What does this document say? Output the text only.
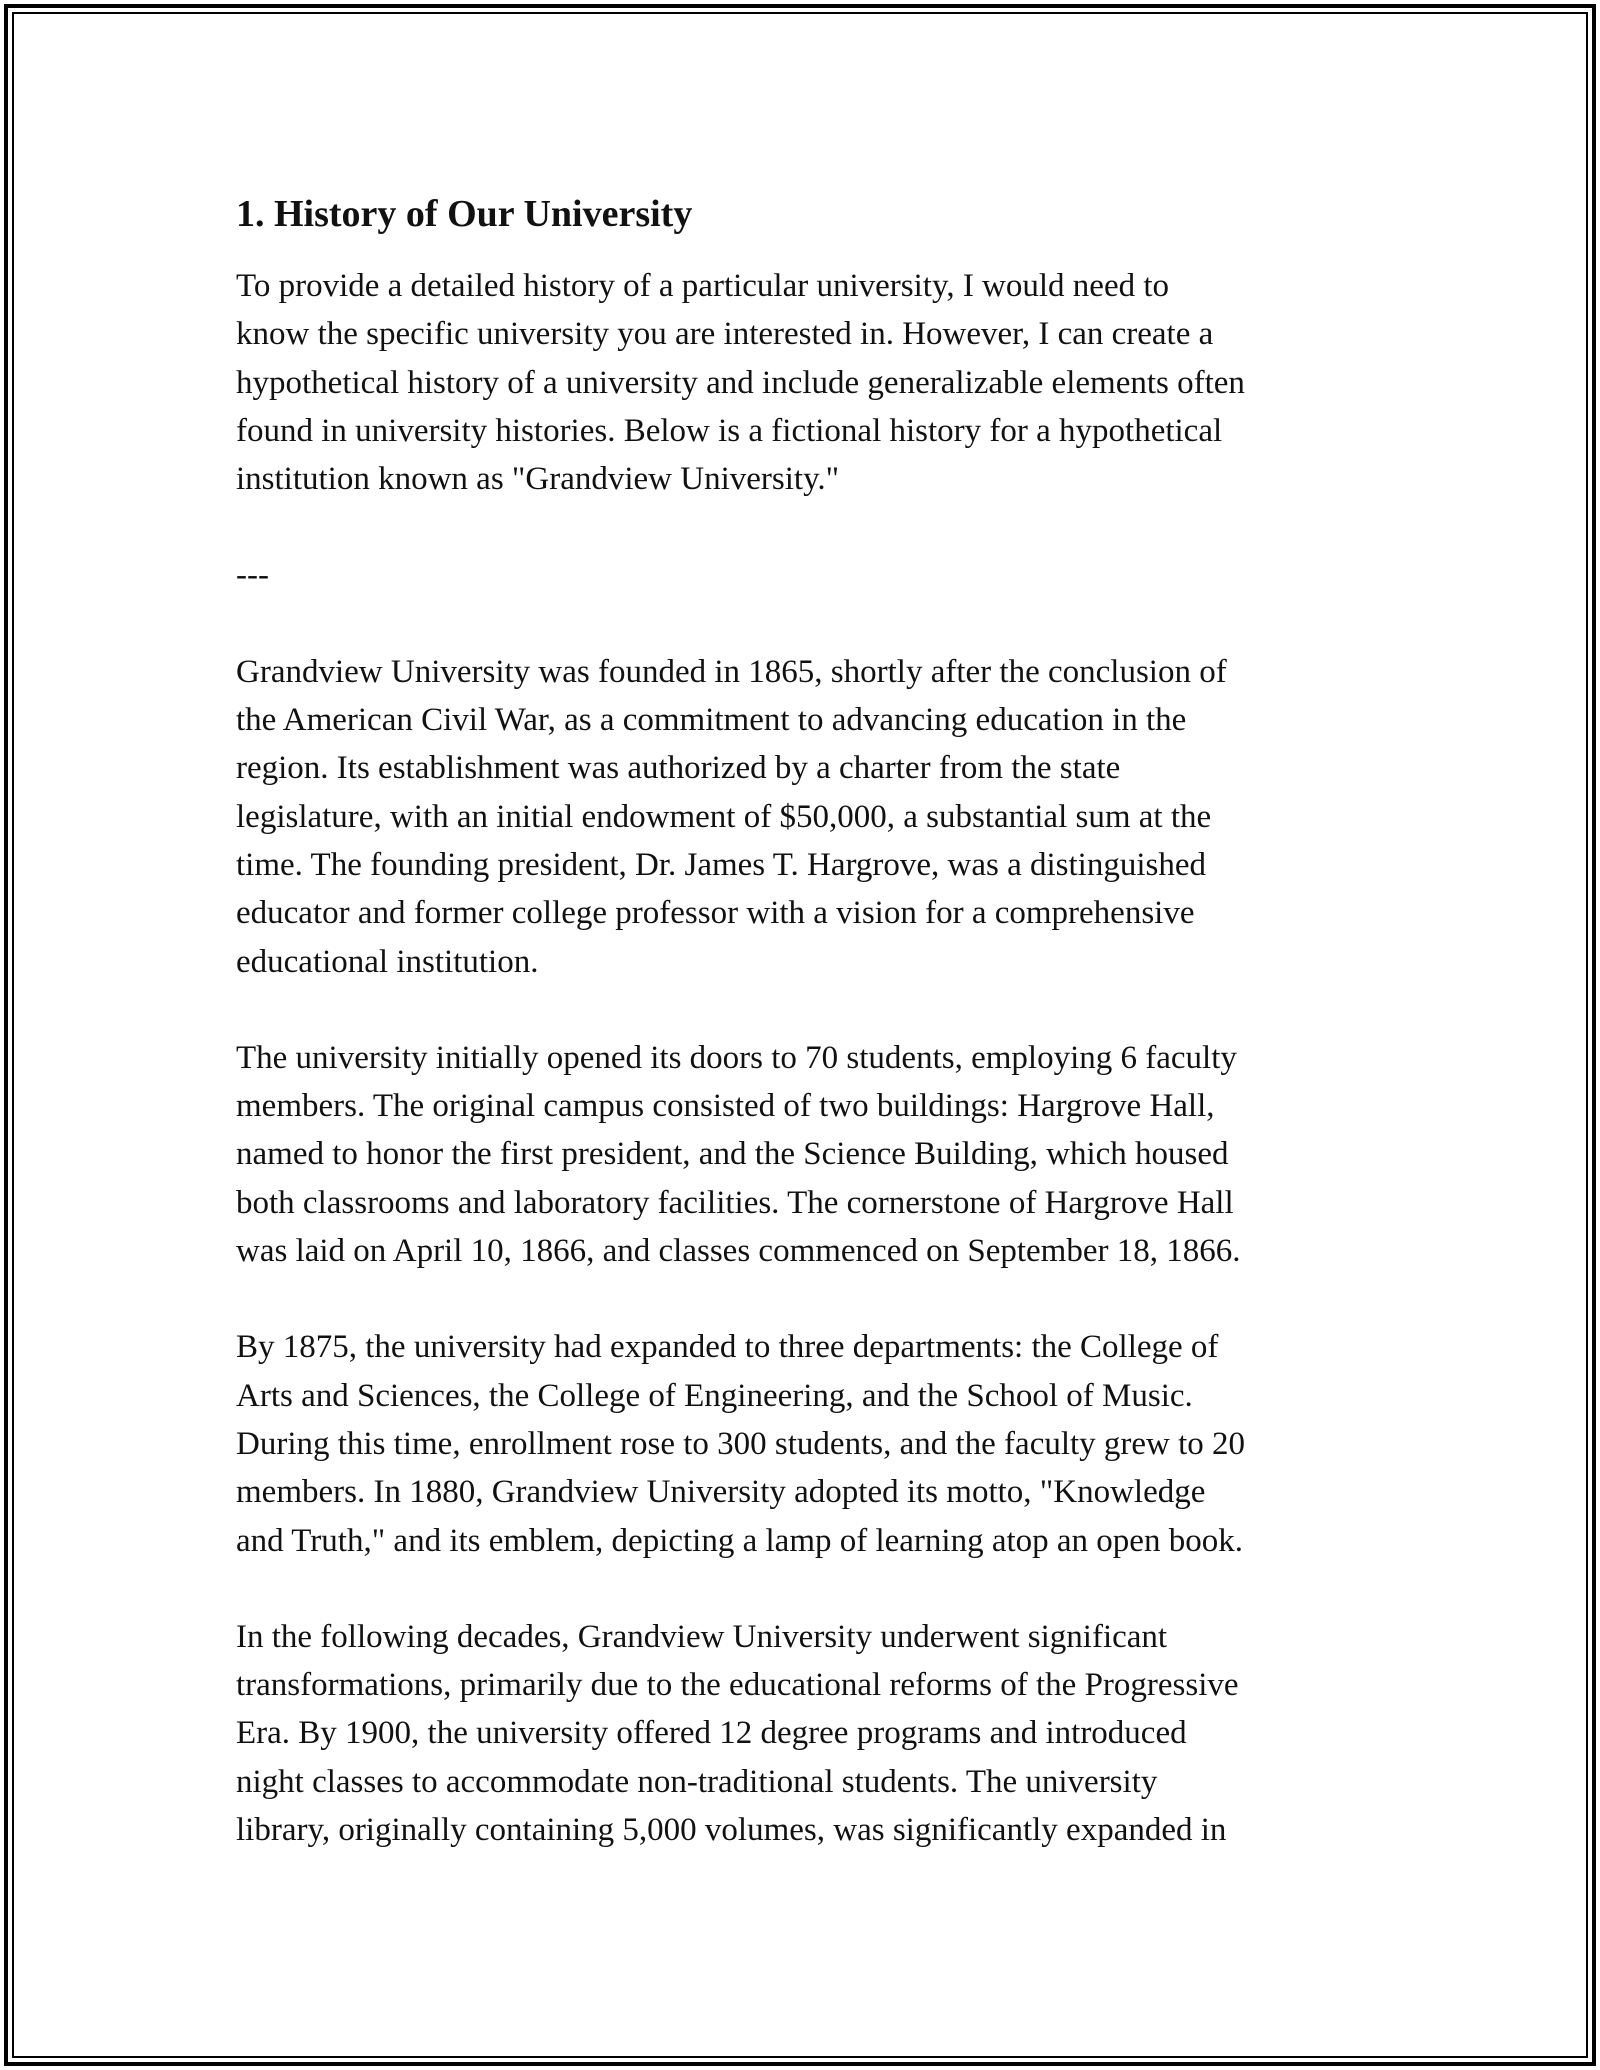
1. History of Our University

To provide a detailed history of a particular university, I would need to
know the specific university you are interested in. However, I can create a
hypothetical history of a university and include generalizable elements often
found in university histories. Below is a fictional history for a hypothetical
institution known as "Grandview University."

---

Grandview University was founded in 1865, shortly after the conclusion of
the American Civil War, as a commitment to advancing education in the
region. Its establishment was authorized by a charter from the state
legislature, with an initial endowment of $50,000, a substantial sum at the
time. The founding president, Dr. James T. Hargrove, was a distinguished
educator and former college professor with a vision for a comprehensive
educational institution.

The university initially opened its doors to 70 students, employing 6 faculty
members. The original campus consisted of two buildings: Hargrove Hall,
named to honor the first president, and the Science Building, which housed
both classrooms and laboratory facilities. The cornerstone of Hargrove Hall
was laid on April 10, 1866, and classes commenced on September 18, 1866.

By 1875, the university had expanded to three departments: the College of
Arts and Sciences, the College of Engineering, and the School of Music.
During this time, enrollment rose to 300 students, and the faculty grew to 20
members. In 1880, Grandview University adopted its motto, "Knowledge
and Truth," and its emblem, depicting a lamp of learning atop an open book.

In the following decades, Grandview University underwent significant
transformations, primarily due to the educational reforms of the Progressive
Era. By 1900, the university offered 12 degree programs and introduced
night classes to accommodate non-traditional students. The university
library, originally containing 5,000 volumes, was significantly expanded in
